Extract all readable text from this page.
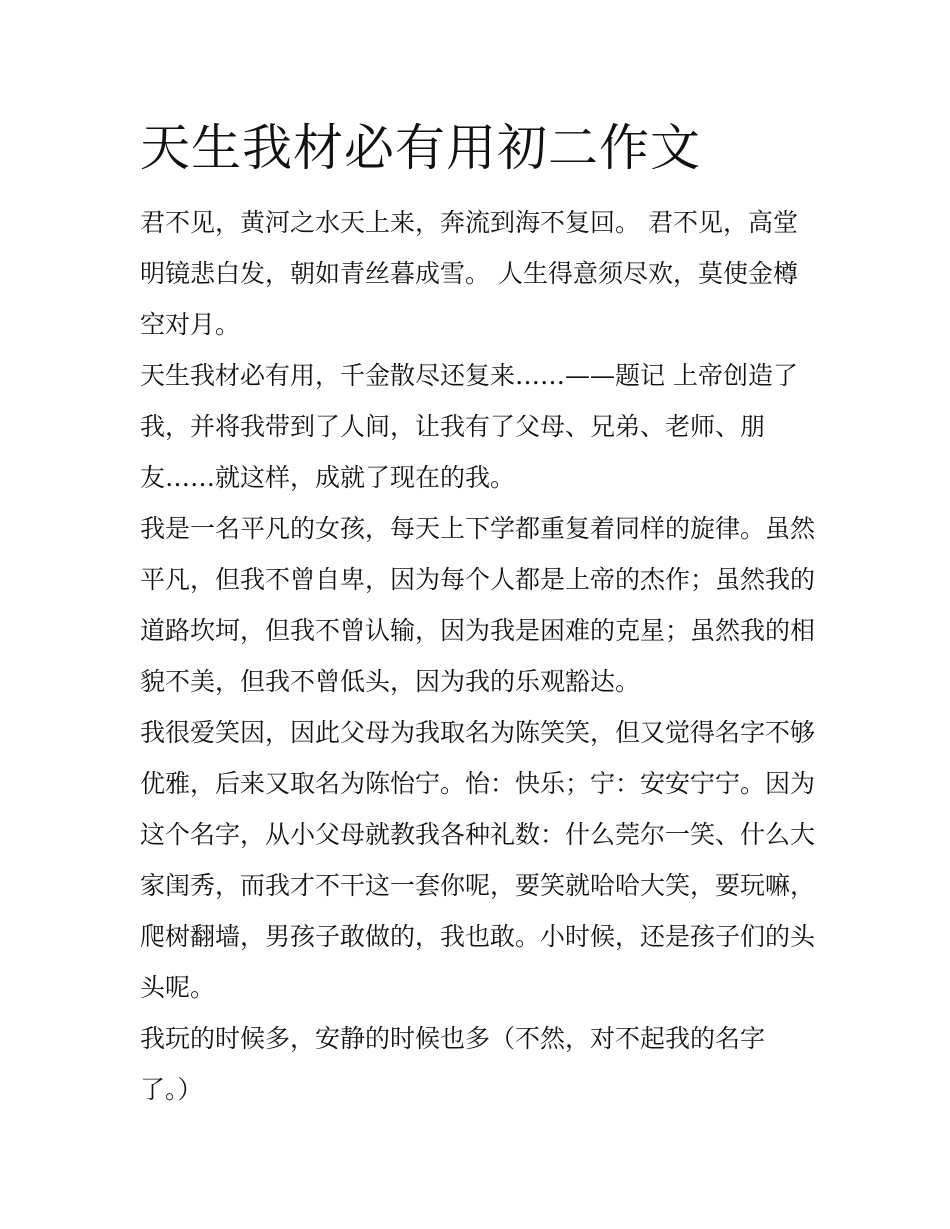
天生我材必有用初二作文

君不见，黄河之水天上来，奔流到海不复回。 君不见，高堂
明镜悲白发，朝如青丝暮成雪。 人生得意须尽欢，莫使金樽
空对月。

天生我材必有用，千金散尽还复来……——题记 上帝创造了
我，并将我带到了人间，让我有了父母、兄弟、老师、朋
友……就这样，成就了现在的我。

我是一名平凡的女孩，每天上下学都重复着同样的旋律。虽然
平凡，但我不曾自卑，因为每个人都是上帝的杰作；虽然我的
道路坎坷，但我不曾认输，因为我是困难的克星；虽然我的相
貌不美，但我不曾低头，因为我的乐观豁达。

我很爱笑因，因此父母为我取名为陈笑笑，但又觉得名字不够
优雅，后来又取名为陈怡宁。怡：快乐；宁：安安宁宁。因为
这个名字，从小父母就教我各种礼数：什么莞尔一笑、什么大
家闺秀，而我才不干这一套你呢，要笑就哈哈大笑，要玩嘛，
爬树翻墙，男孩子敢做的，我也敢。小时候，还是孩子们的头
头呢。

我玩的时候多，安静的时候也多（不然，对不起我的名字
了。）
